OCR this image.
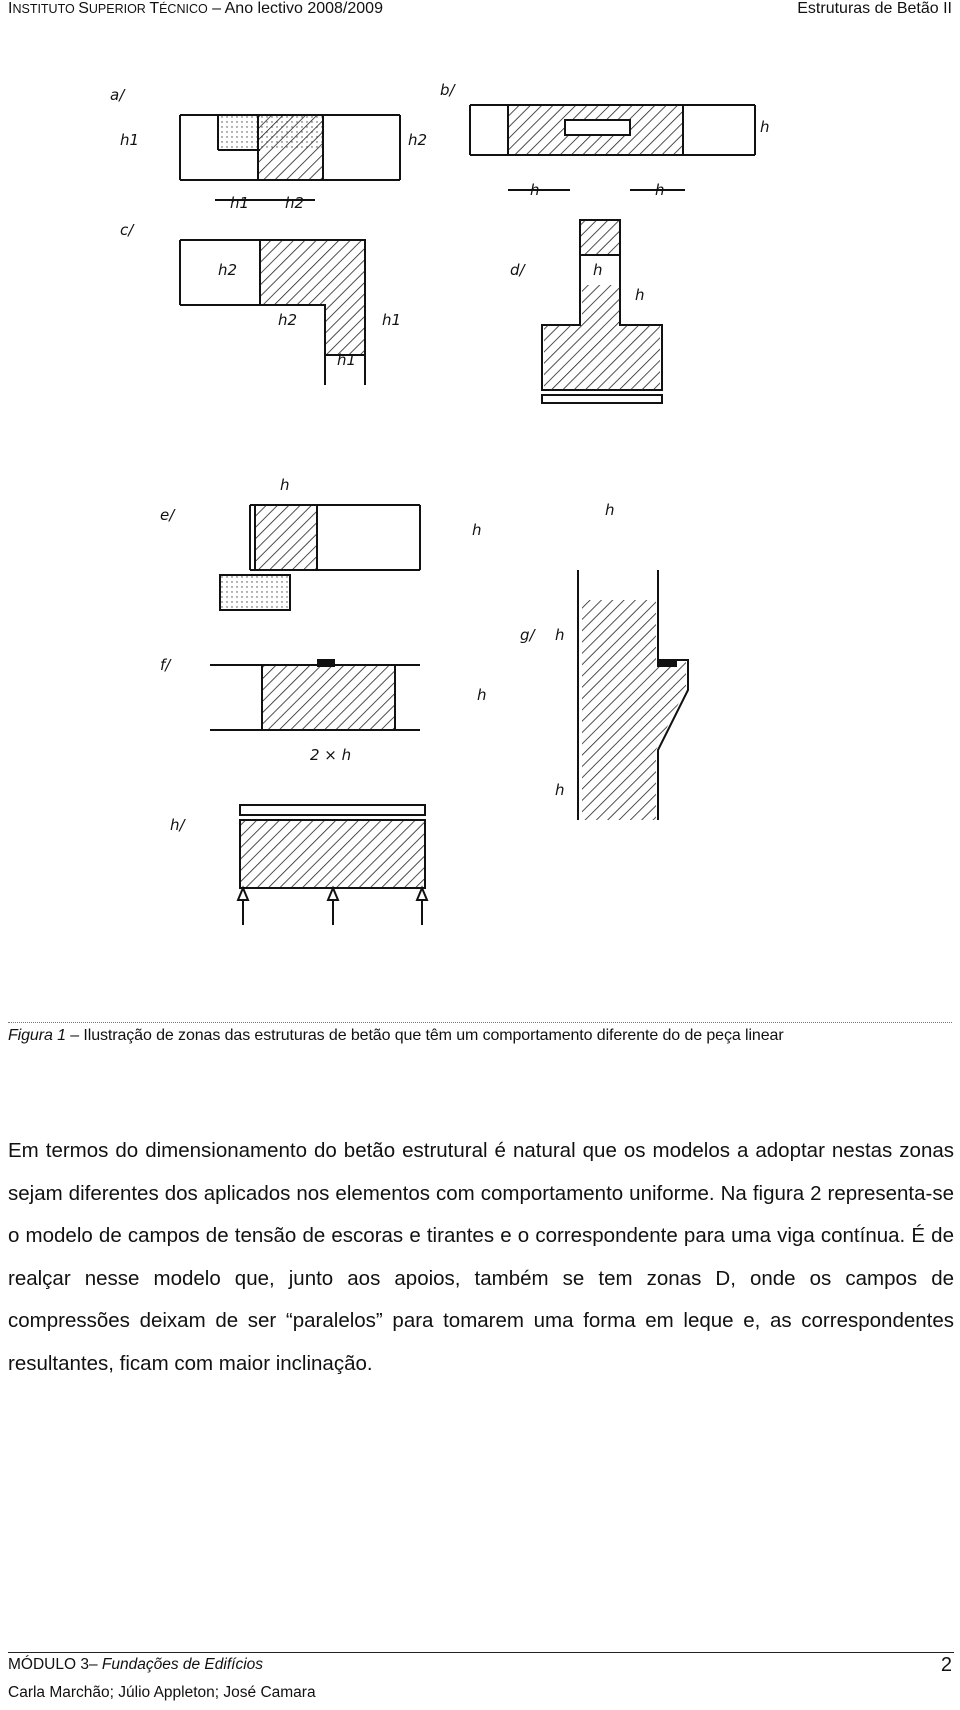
INSTITUTO SUPERIOR TÉCNICO – Ano lectivo 2008/2009	Estruturas de Betão II
a/
h1	h2
h1 h2
b/
h
h	h
c/
h2
h2	h1
h1
d/	h
h
e/
h
h
f/
h
2 × h
g/
h
h
h
h/
Figura 1 – Ilustração de zonas das estruturas de betão que têm um comportamento diferente do de peça linear
Em termos do dimensionamento do betão estrutural é natural que os modelos a adoptar nestas zonas sejam diferentes dos aplicados nos elementos com comportamento uniforme. Na figura 2 representa-se o modelo de campos de tensão de escoras e tirantes e o correspondente para uma viga contínua. É de realçar nesse modelo que, junto aos apoios, também se tem zonas D, onde os campos de compressões deixam de ser “paralelos” para tomarem uma forma em leque e, as correspondentes resultantes, ficam com maior inclinação.
MÓDULO 3– Fundações de Edifícios	2
Carla Marchão; Júlio Appleton; José Camara
